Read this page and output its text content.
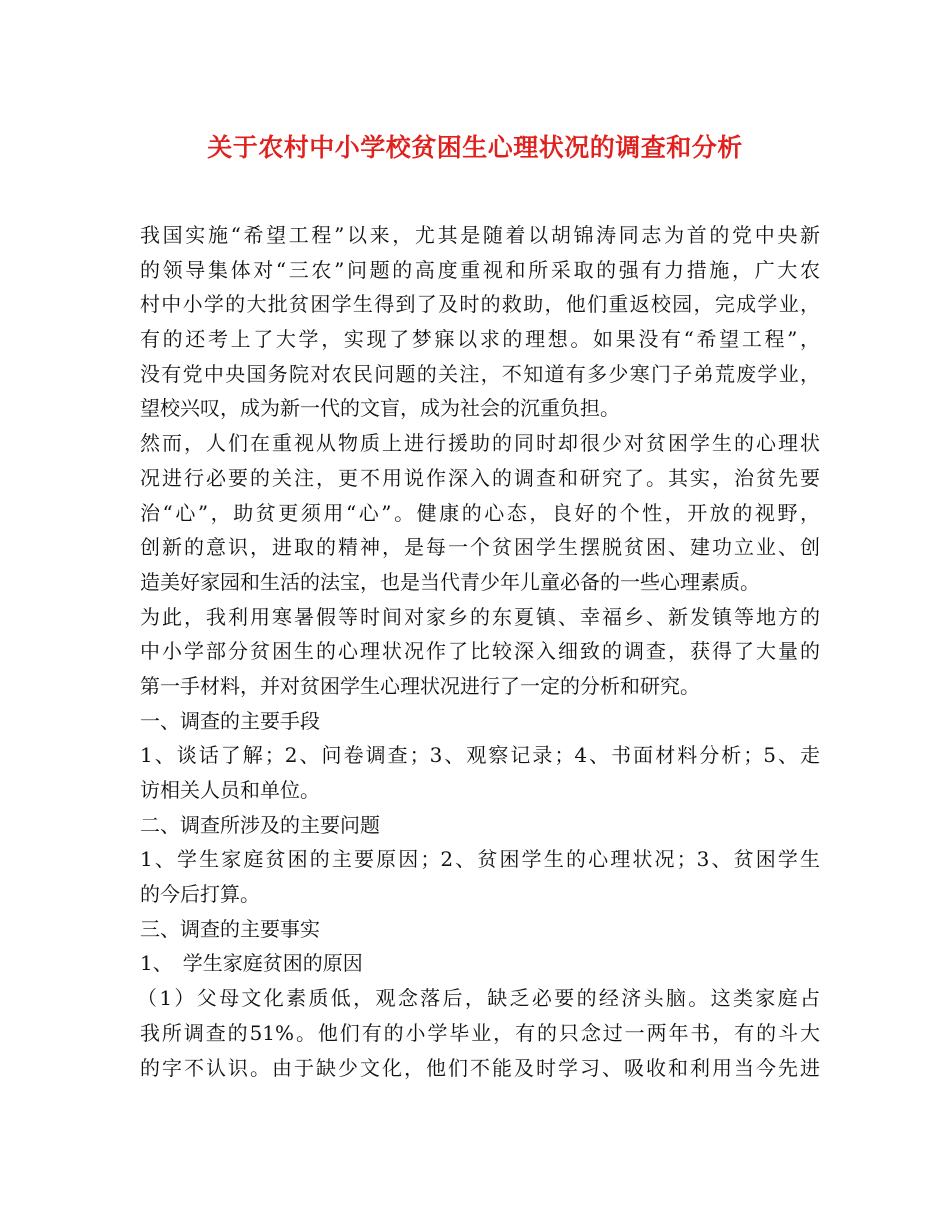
关于农村中小学校贫困生心理状况的调查和分析
我国实施“希望工程”以来，尤其是随着以胡锦涛同志为首的党中央新
的领导集体对“三农”问题的高度重视和所采取的强有力措施，广大农
村中小学的大批贫困学生得到了及时的救助，他们重返校园，完成学业，
有的还考上了大学，实现了梦寐以求的理想。如果没有“希望工程”，
没有党中央国务院对农民问题的关注，不知道有多少寒门子弟荒废学业，
望校兴叹，成为新一代的文盲，成为社会的沉重负担。
然而，人们在重视从物质上进行援助的同时却很少对贫困学生的心理状
况进行必要的关注，更不用说作深入的调查和研究了。其实，治贫先要
治“心”，助贫更须用“心”。健康的心态，良好的个性，开放的视野，
创新的意识，进取的精神，是每一个贫困学生摆脱贫困、建功立业、创
造美好家园和生活的法宝，也是当代青少年儿童必备的一些心理素质。
为此，我利用寒暑假等时间对家乡的东夏镇、幸福乡、新发镇等地方的
中小学部分贫困生的心理状况作了比较深入细致的调查，获得了大量的
第一手材料，并对贫困学生心理状况进行了一定的分析和研究。
一、调查的主要手段
1、谈话了解；2、问卷调查；3、观察记录；4、书面材料分析；5、走
访相关人员和单位。
二、调查所涉及的主要问题
1、学生家庭贫困的主要原因；2、贫困学生的心理状况；3、贫困学生
的今后打算。
三、调查的主要事实
1、　学生家庭贫困的原因
（1）父母文化素质低，观念落后，缺乏必要的经济头脑。这类家庭占
我所调查的51%。他们有的小学毕业，有的只念过一两年书，有的斗大
的字不认识。由于缺少文化，他们不能及时学习、吸收和利用当今先进
